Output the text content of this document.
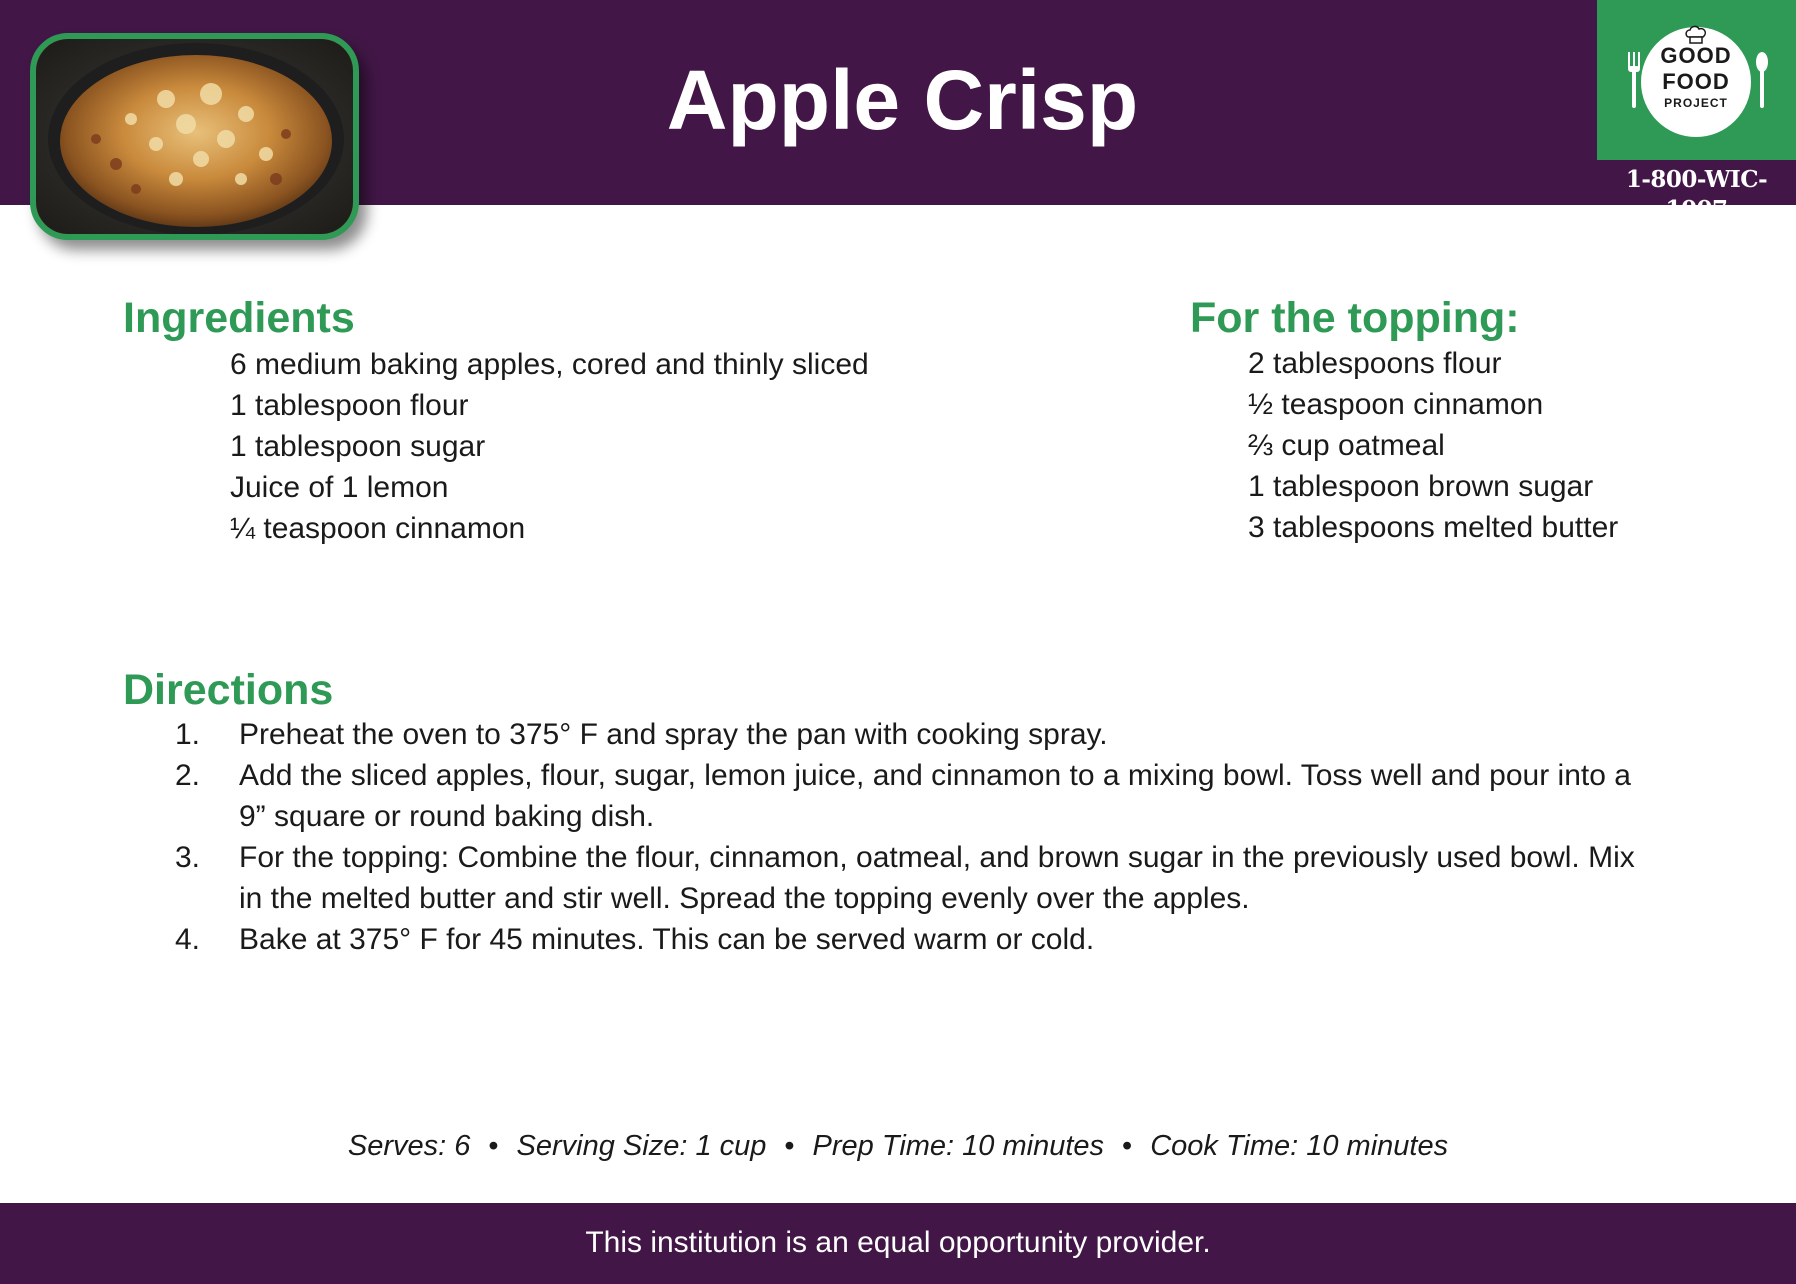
Apple Crisp	GOOD
FOOD
PROJECT
1-800-WIC-1007
Ingredients
6 medium baking apples, cored and thinly sliced
1 tablespoon flour
1 tablespoon sugar
Juice of 1 lemon
¼ teaspoon cinnamon
For the topping:
2 tablespoons flour
½ teaspoon cinnamon
⅔ cup oatmeal
1 tablespoon brown sugar
3 tablespoons melted butter
Directions
1. Preheat the oven to 375° F and spray the pan with cooking spray.
2. Add the sliced apples, flour, sugar, lemon juice, and cinnamon to a mixing bowl. Toss well and pour into a 9” square or round baking dish.
3. For the topping: Combine the flour, cinnamon, oatmeal, and brown sugar in the previously used bowl. Mix in the melted butter and stir well. Spread the topping evenly over the apples.
4. Bake at 375° F for 45 minutes. This can be served warm or cold.
Serves: 6 • Serving Size: 1 cup • Prep Time: 10 minutes • Cook Time: 10 minutes
This institution is an equal opportunity provider.
